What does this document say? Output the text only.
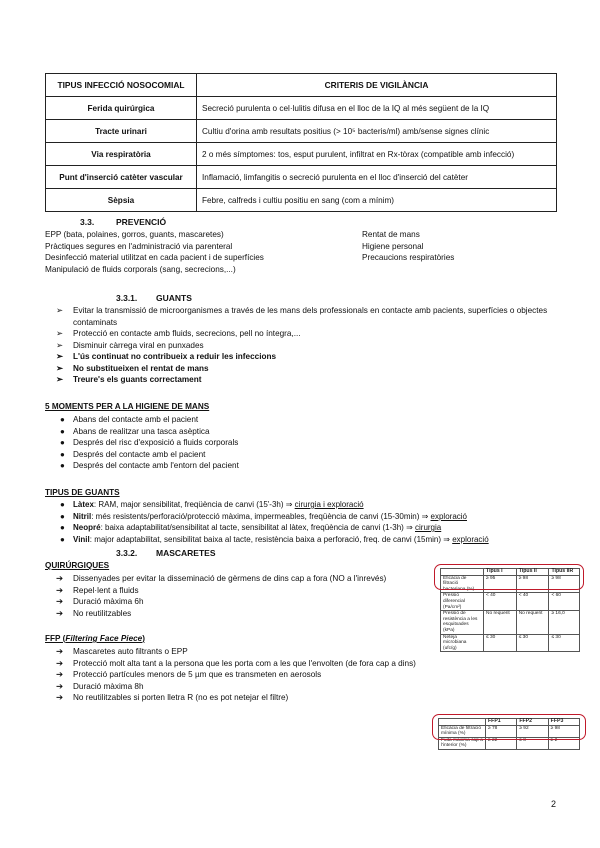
TIPUS INFECCIÓ NOSOCOMIAL	CRITERIS DE VIGILÀNCIA
Ferida quirúrgica	Secreció purulenta o cel·lulitis difusa en el lloc de la IQ al més següent de la IQ
Tracte urinari	Cultiu d'orina amb resultats positius (> 10⁵ bacteris/ml) amb/sense signes clínic
Via respiratòria	2 o més símptomes: tos, esput purulent, infiltrat en Rx-tòrax (compatible amb infecció)
Punt d'inserció catèter vascular	Inflamació, limfangitis o secreció purulenta en el lloc d'inserció del catèter
Sèpsia	Febre, calfreds i cultiu positiu en sang (com a mínim)
3.3.	PREVENCIÓ
EPP (bata, polaines, gorros, guants, mascaretes)
Pràctiques segures en l'administració via parenteral
Desinfecció material utilitzat en cada pacient i de superfícies
Manipulació de fluids corporals (sang, secrecions,...)
Rentat de mans
Higiene personal
Precaucions respiratòries
3.3.1. GUANTS
➢ Evitar la transmissió de microorganismes a través de les mans dels professionals en contacte amb pacients, superfícies o objectes contaminats
➢ Protecció en contacte amb fluids, secrecions, pell no íntegra,...
➢ Disminuir càrrega viral en punxades
➢ L'ús continuat no contribueix a reduir les infeccions
➢ No substitueixen el rentat de mans
➢ Treure's els guants correctament
5 MOMENTS PER A LA HIGIENE DE MANS
● Abans del contacte amb el pacient
● Abans de realitzar una tasca asèptica
● Després del risc d'exposició a fluids corporals
● Després del contacte amb el pacient
● Després del contacte amb l'entorn del pacient
TIPUS DE GUANTS
● Làtex: RAM, major sensibilitat, freqüència de canvi (15'-3h) ⇒ cirurgia i exploració
● Nitril: més resistents/perforació/protecció màxima, impermeables, freqüència de canvi (15-30min) ⇒ exploració
● Neopré: baixa adaptabilitat/sensibilitat al tacte, sensibilitat al làtex, freqüència de canvi (1-3h) ⇒ cirurgia
● Vinil: major adaptabilitat, sensibilitat baixa al tacte, resistència baixa a perforació, freq. de canvi (15min) ⇒ exploració
3.3.2. MASCARETES
QUIRÚRGIQUES
➔ Dissenyades per evitar la disseminació de gèrmens de dins cap a fora (NO a l'inrevés)
➔ Repel·lent a fluids
➔ Duració màxima 6h
➔ No reutilitzables
FFP (Filtering Face Piece)
➔ Mascaretes auto filtrants o EPP
➔ Protecció molt alta tant a la persona que les porta com a les que l'envolten (de fora cap a dins)
➔ Protecció partícules menors de 5 µm que es transmeten en aerosols
➔ Duració màxima 8h
➔ No reutilitzables si porten lletra R (no es pot netejar el filtre)
	Tipus I	Tipus II	Tipus IIR
Eficàcia de filtració bacteriana (%)	≥ 95	≥ 98	≥ 98
Pressió diferencial (Pa/cm²)	< 40	< 40	< 60
Pressió de resistència a les esquitxades (kPa)	No requerit	No requerit	≥ 16,0
Neteja microbiana (ufc/g)	≤ 30	≤ 30	≤ 30
	FFP1	FFP2	FFP3
Eficàcia de filtració mínima (%)	≥ 78	≥ 92	≥ 98
Fuita màxima cap a l'interior (%)	≥ 22	≥ 8	≥ 2
2
